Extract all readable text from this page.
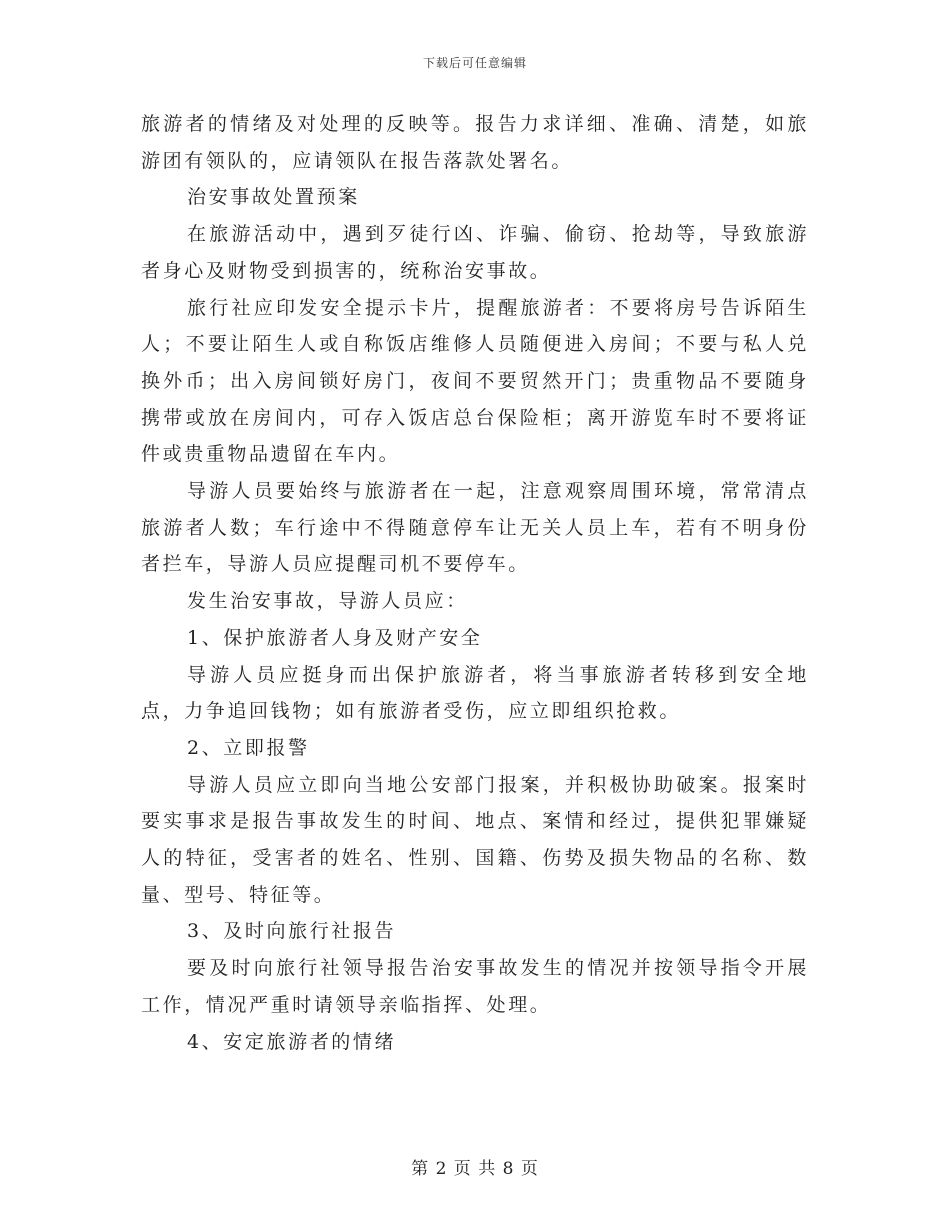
下载后可任意编辑

旅游者的情绪及对处理的反映等。报告力求详细、准确、清楚，如旅游团有领队的，应请领队在报告落款处署名。

治安事故处置预案

在旅游活动中，遇到歹徒行凶、诈骗、偷窃、抢劫等，导致旅游者身心及财物受到损害的，统称治安事故。

旅行社应印发安全提示卡片，提醒旅游者：不要将房号告诉陌生人；不要让陌生人或自称饭店维修人员随便进入房间；不要与私人兑换外币；出入房间锁好房门，夜间不要贸然开门；贵重物品不要随身携带或放在房间内，可存入饭店总台保险柜；离开游览车时不要将证件或贵重物品遗留在车内。

导游人员要始终与旅游者在一起，注意观察周围环境，常常清点旅游者人数；车行途中不得随意停车让无关人员上车，若有不明身份者拦车，导游人员应提醒司机不要停车。

发生治安事故，导游人员应：

1、保护旅游者人身及财产安全

导游人员应挺身而出保护旅游者，将当事旅游者转移到安全地点，力争追回钱物；如有旅游者受伤，应立即组织抢救。

2、立即报警

导游人员应立即向当地公安部门报案，并积极协助破案。报案时要实事求是报告事故发生的时间、地点、案情和经过，提供犯罪嫌疑人的特征，受害者的姓名、性别、国籍、伤势及损失物品的名称、数量、型号、特征等。

3、及时向旅行社报告

要及时向旅行社领导报告治安事故发生的情况并按领导指令开展工作，情况严重时请领导亲临指挥、处理。

4、安定旅游者的情绪

第 2 页 共 8 页
